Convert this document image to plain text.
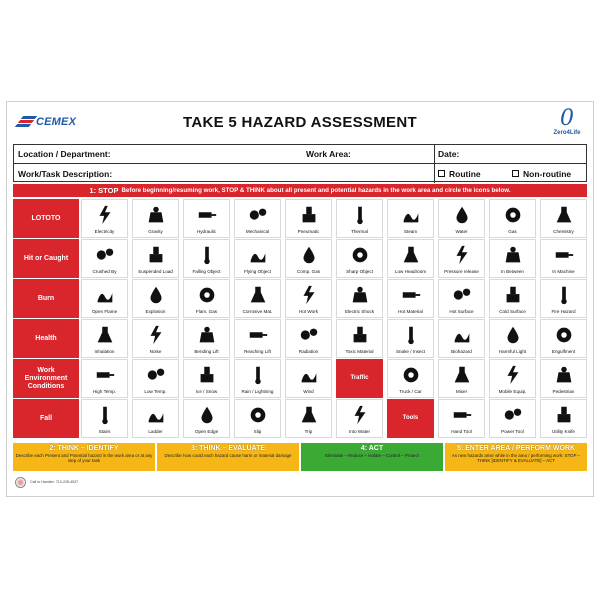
CEMEX	TAKE 5 HAZARD ASSESSMENT	0
Zero4Life
Location / Department:	Work Area:	Date:
Work/Task Description:	Routine	Non-routine
1: STOP Before beginning/resuming work, STOP & THINK about all present and potential hazards in the work area and circle the icons below.
LOTOTO
Electricity	Gravity	Hydraulic	Mechanical	Pneumatic	Thermal	Steam	Water	Gas	Chemistry
Hit or Caught
Crushed By	Suspended Load	Falling Object	Flying Object	Comp. Gas	Sharp Object	Low Headroom	Pressure release	In Between	In Machine
Burn
Open Flame	Explosion	Flam. Gas	Corrosive Mat.	Hot Work	Electric Shock	Hot Material	Hot Surface	Cold Surface	Fire Hazard
Health
Inhalation	Noise	Bending Lift	Reaching Lift	Radiation	Toxic Material	Snake / Insect	Biohazard	Harmful Light	Engulfment
Work Environment Conditions
High Temp.	Low Temp.	Ice / Snow	Rain / Lightning	Wind
Traffic
Truck / Car	Mixer	Mobile Equip.	Pedestrian
Fall
Stairs	Ladder	Open Edge	Slip	Trip	Into Water
Tools
Hand Tool	Power Tool	Utility Knife
2: THINK – IDENTIFY
Describe each Present and Potential hazard in the work area or at any step of your task
3: THINK – EVALUATE
Describe how could each hazard cause harm or material damage
4: ACT
Eliminate – Reduce – Isolate – Control – Protect
5: ENTER AREA / PERFORM WORK
As new hazards arise while in the area / performing work: STOP – THINK [IDENTIFY & EVALUATE] – ACT
Call to Handler: 710-228-4537
